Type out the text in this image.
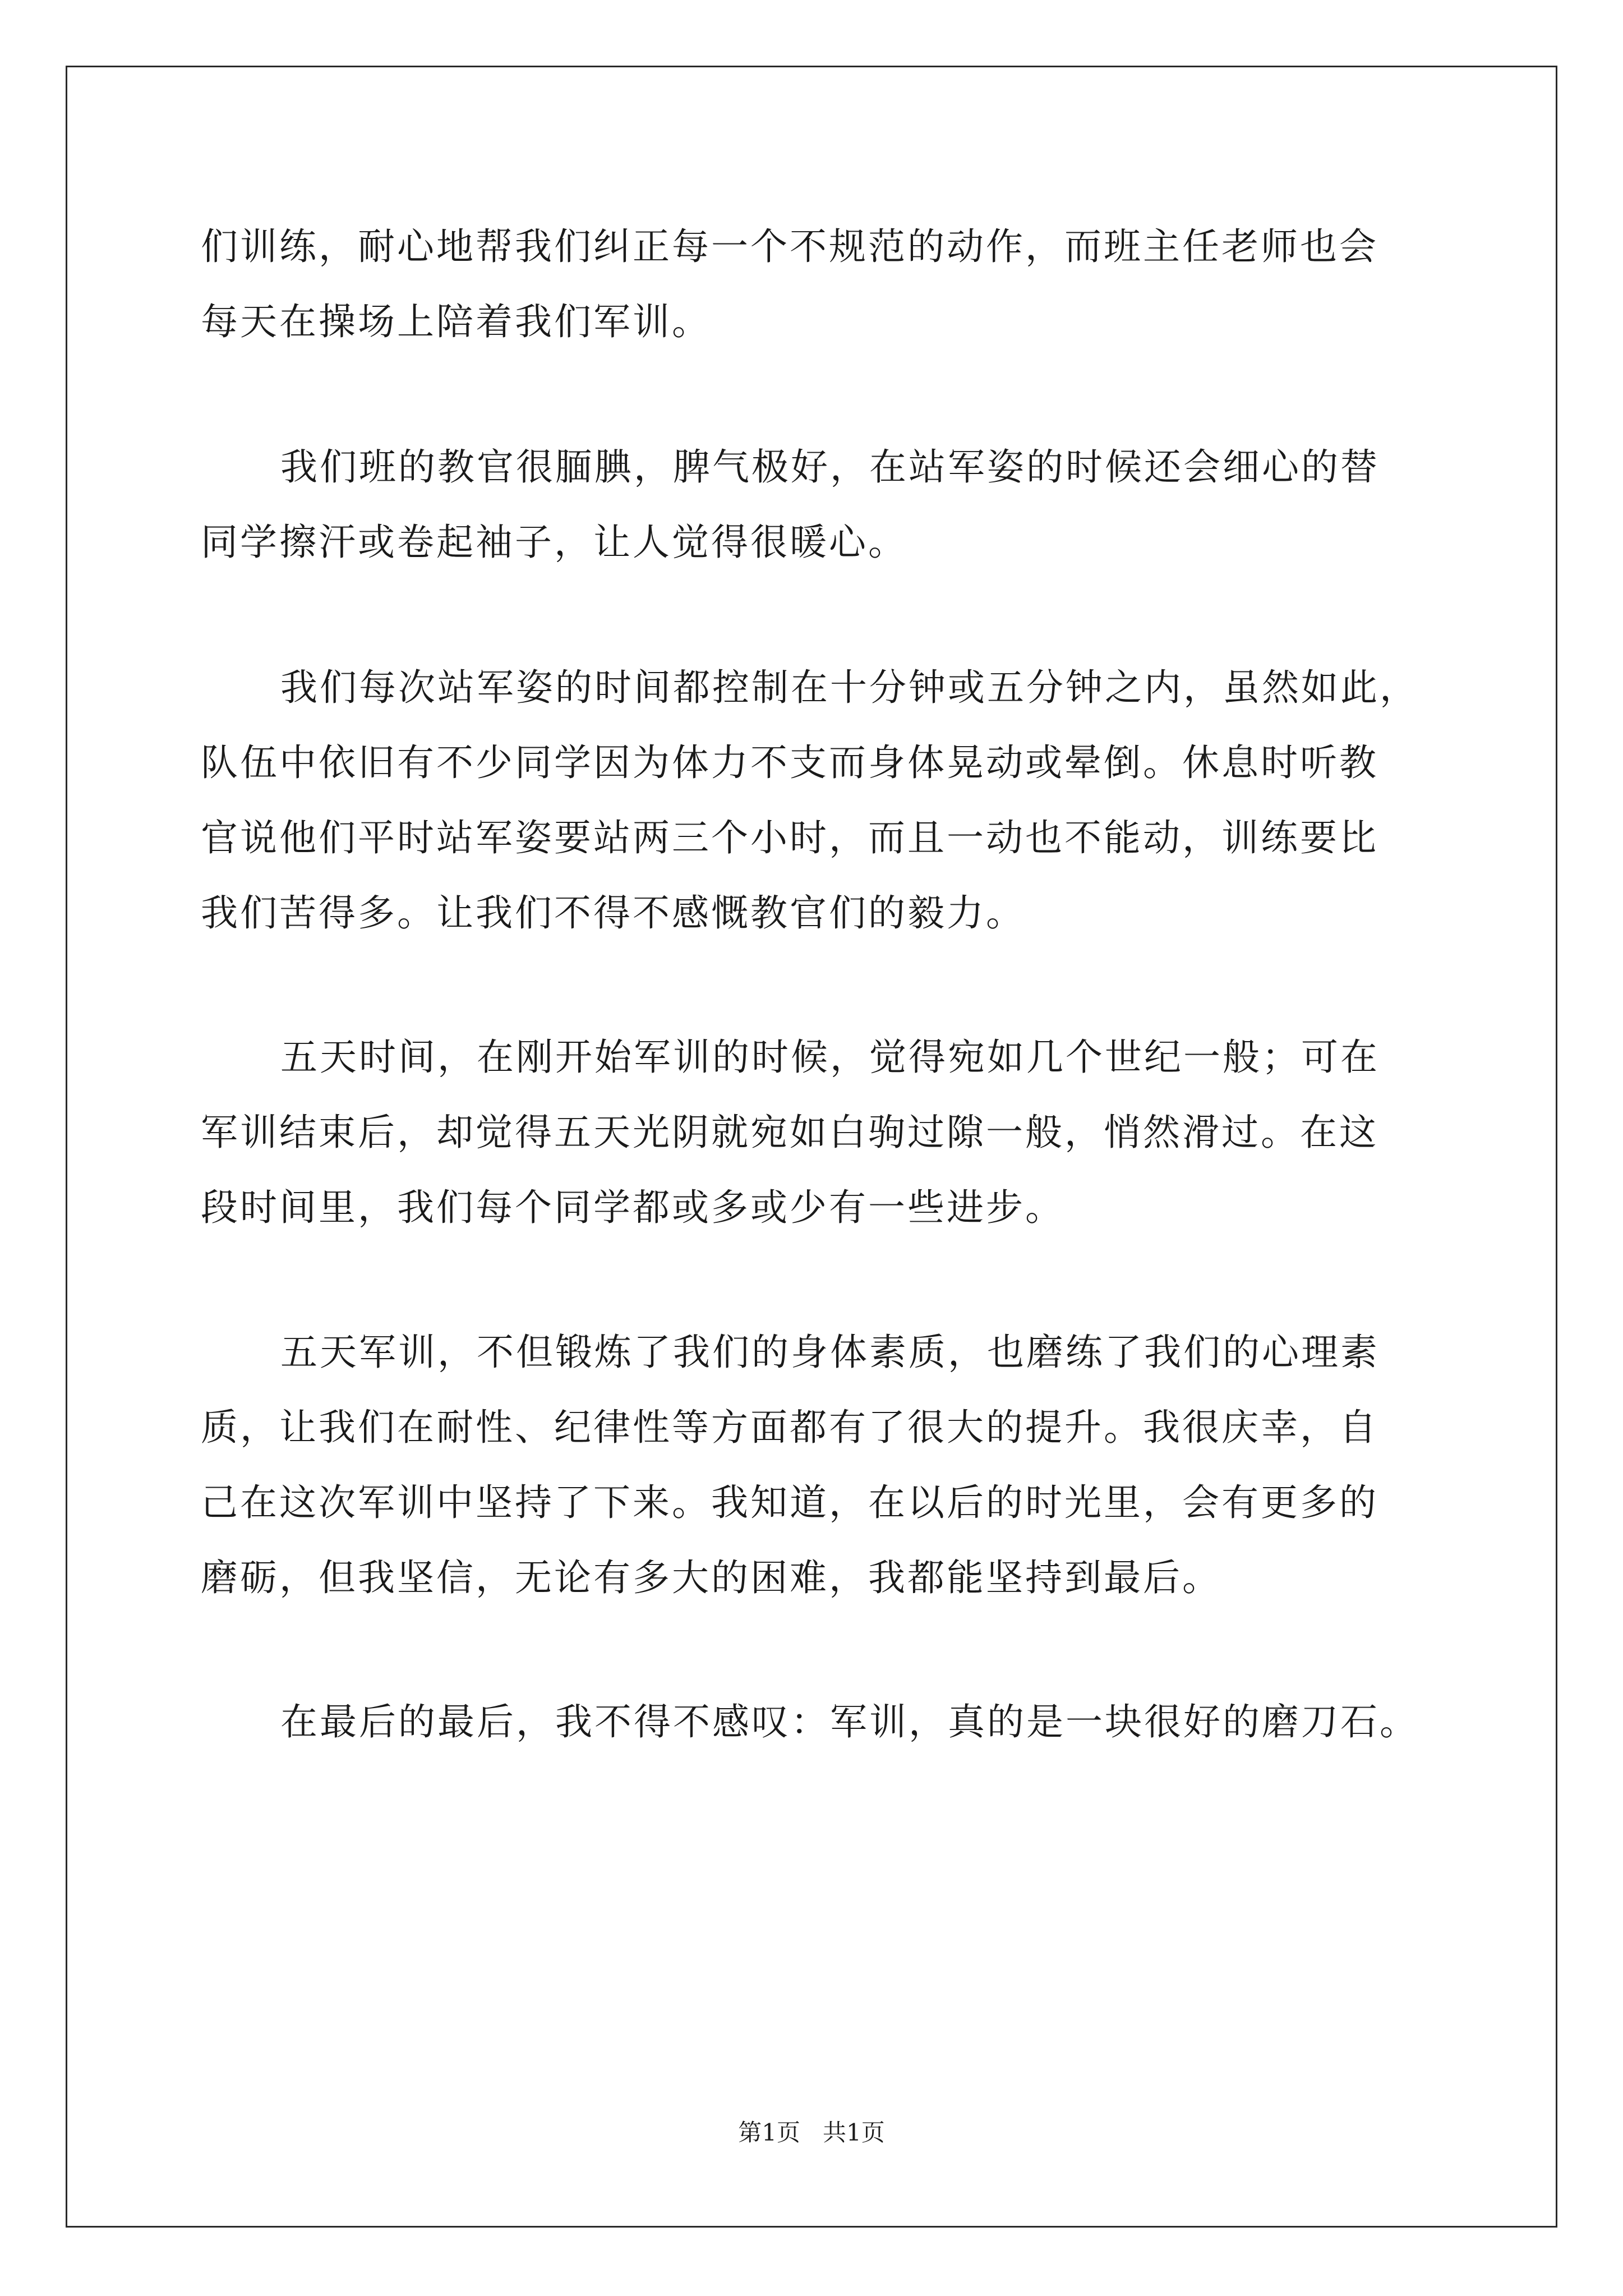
们训练，耐心地帮我们纠正每一个不规范的动作，而班主任老师也会

每天在操场上陪着我们军训。

我们班的教官很腼腆，脾气极好，在站军姿的时候还会细心的替

同学擦汗或卷起袖子，让人觉得很暖心。

我们每次站军姿的时间都控制在十分钟或五分钟之内，虽然如此，

队伍中依旧有不少同学因为体力不支而身体晃动或晕倒。休息时听教

官说他们平时站军姿要站两三个小时，而且一动也不能动，训练要比

我们苦得多。让我们不得不感慨教官们的毅力。

五天时间，在刚开始军训的时候，觉得宛如几个世纪一般；可在

军训结束后，却觉得五天光阴就宛如白驹过隙一般，悄然滑过。在这

段时间里，我们每个同学都或多或少有一些进步。

五天军训，不但锻炼了我们的身体素质，也磨练了我们的心理素

质，让我们在耐性、纪律性等方面都有了很大的提升。我很庆幸，自

己在这次军训中坚持了下来。我知道，在以后的时光里，会有更多的

磨砺，但我坚信，无论有多大的困难，我都能坚持到最后。

在最后的最后，我不得不感叹：军训，真的是一块很好的磨刀石。

第1页 共1页
